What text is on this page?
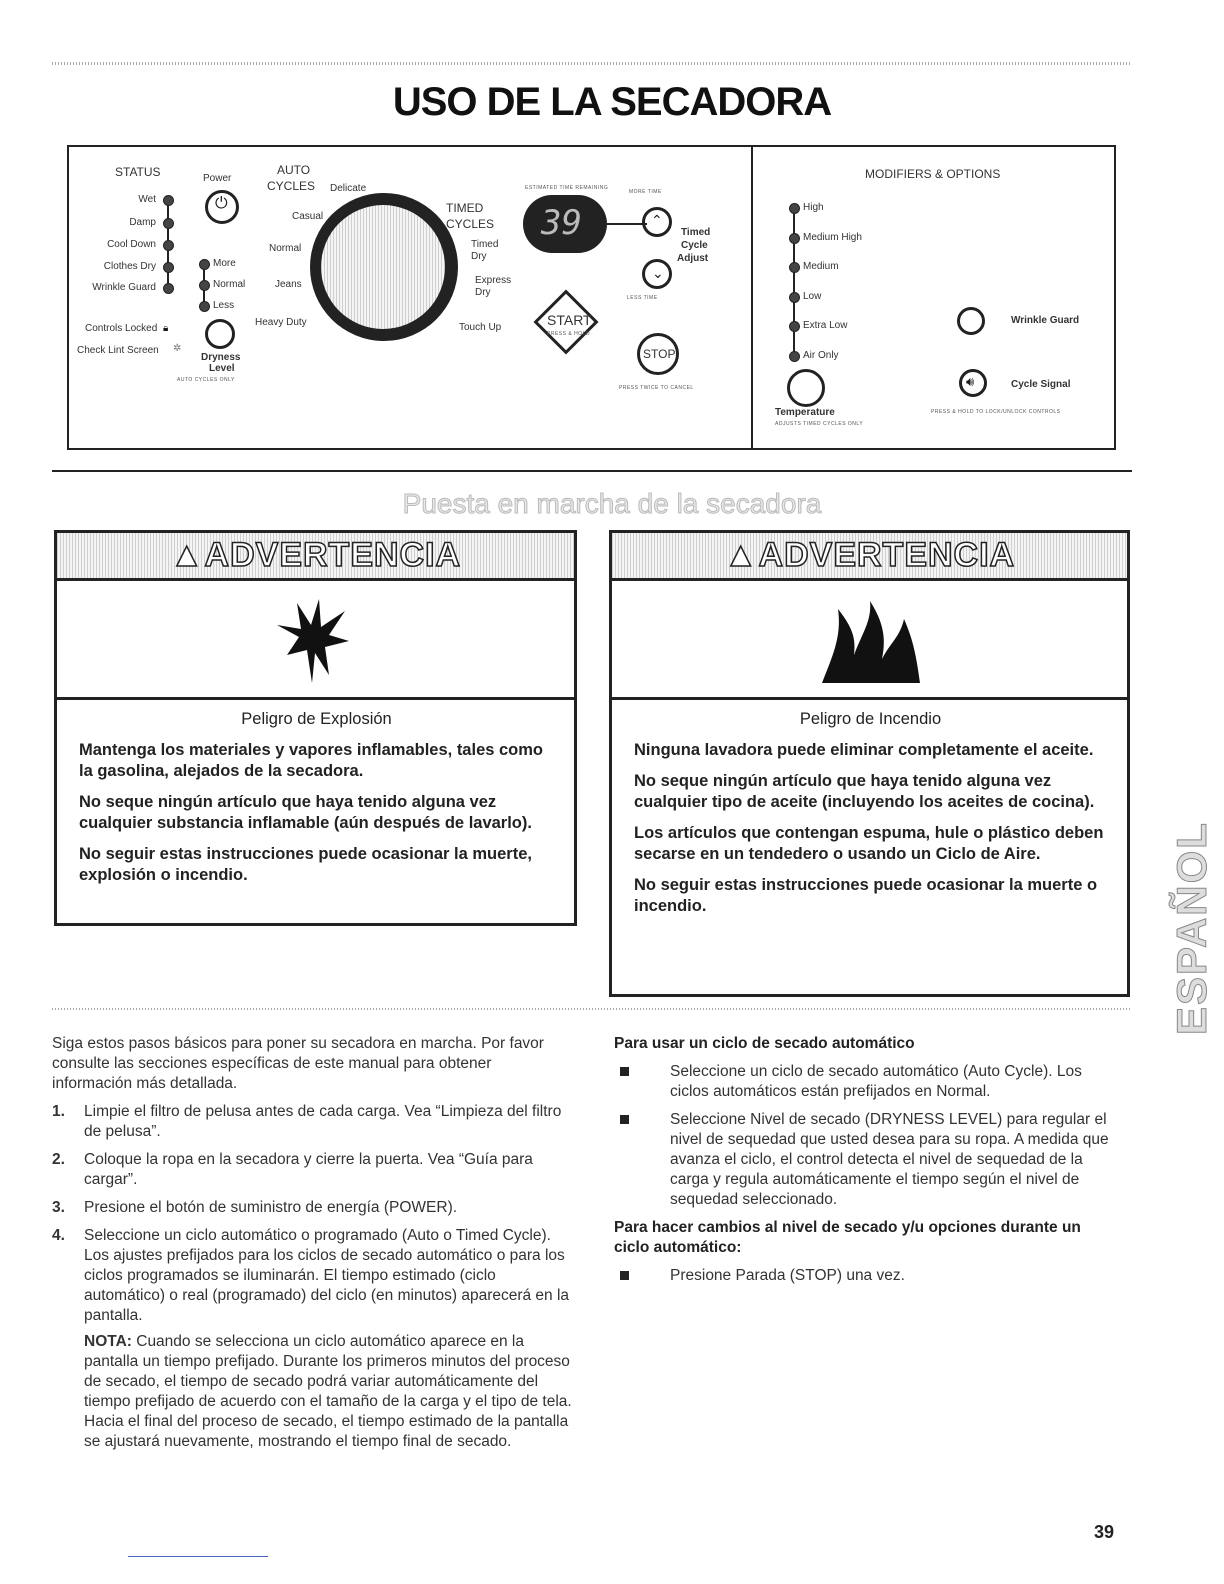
USO DE LA SECADORA
STATUS
Wet
Damp
Cool Down
Clothes Dry
Wrinkle Guard
Controls Locked 🔒︎
Check Lint Screen ✲
Power
⏻
More
Normal
Less
Dryness
Level
AUTO CYCLES ONLY
AUTO
CYCLES Delicate
Casual
Normal
Jeans
Heavy Duty
TIMED
CYCLES
Timed
Dry
Express
Dry
Touch Up
ESTIMATED TIME REMAINING
39
MORE TIME
⌃
Timed
Cycle
Adjust
⌄
LESS TIME
START
PRESS & HOLD
STOP
PRESS TWICE TO CANCEL
MODIFIERS & OPTIONS
High
Medium High
Medium
Low
Extra Low
Air Only
Temperature
ADJUSTS TIMED CYCLES ONLY
Wrinkle Guard
🔊︎	Cycle Signal
PRESS & HOLD TO LOCK/UNLOCK CONTROLS
Puesta en marcha de la secadora
▲ADVERTENCIA

Peligro de Explosión

Mantenga los materiales y vapores inflamables, tales como la gasolina, alejados de la secadora.

No seque ningún artículo que haya tenido alguna vez cualquier substancia inflamable (aún después de lavarlo).

No seguir estas instrucciones puede ocasionar la muerte, explosión o incendio.

▲ADVERTENCIA

Peligro de Incendio

Ninguna lavadora puede eliminar completamente el aceite.

No seque ningún artículo que haya tenido alguna vez cualquier tipo de aceite (incluyendo los aceites de cocina).

Los artículos que contengan espuma, hule o plástico deben secarse en un tendedero o usando un Ciclo de Aire.

No seguir estas instrucciones puede ocasionar la muerte o incendio.	ESPAÑOL

Siga estos pasos básicos para poner su secadora en marcha. Por favor consulte las secciones específicas de este manual para obtener información más detallada.

1. Limpie el filtro de pelusa antes de cada carga. Vea “Limpieza del filtro de pelusa”.
2. Coloque la ropa en la secadora y cierre la puerta. Vea “Guía para cargar”.
3. Presione el botón de suministro de energía (POWER).
4. Seleccione un ciclo automático o programado (Auto o Timed Cycle). Los ajustes prefijados para los ciclos de secado automático o para los ciclos programados se iluminarán. El tiempo estimado (ciclo automático) o real (programado) del ciclo (en minutos) aparecerá en la pantalla.

NOTA: Cuando se selecciona un ciclo automático aparece en la pantalla un tiempo prefijado. Durante los primeros minutos del proceso de secado, el tiempo de secado podrá variar automáticamente del tiempo prefijado de acuerdo con el tamaño de la carga y el tipo de tela. Hacia el final del proceso de secado, el tiempo estimado de la pantalla se ajustará nuevamente, mostrando el tiempo final de secado.

Para usar un ciclo de secado automático

Seleccione un ciclo de secado automático (Auto Cycle). Los ciclos automáticos están prefijados en Normal.
Seleccione Nivel de secado (DRYNESS LEVEL) para regular el nivel de sequedad que usted desea para su ropa. A medida que avanza el ciclo, el control detecta el nivel de sequedad de la carga y regula automáticamente el tiempo según el nivel de sequedad seleccionado.

Para hacer cambios al nivel de secado y/u opciones durante un ciclo automático:

Presione Parada (STOP) una vez.
39
